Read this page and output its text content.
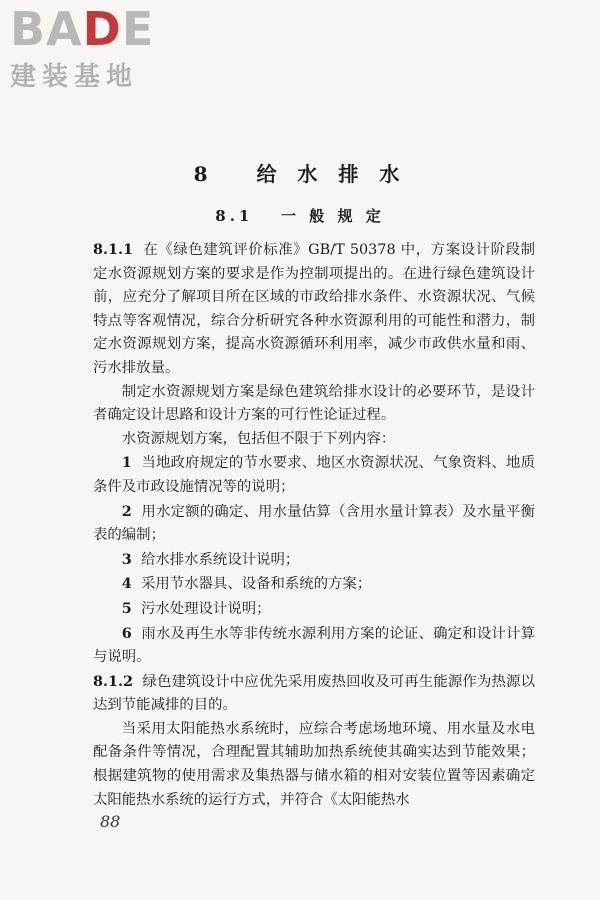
BADE
建装基地
8 给 水 排 水
8.1 一 般 规 定

8.1.1 在《绿色建筑评价标准》GB/T 50378 中，方案设计阶段制定水资源规划方案的要求是作为控制项提出的。在进行绿色建筑设计前，应充分了解项目所在区域的市政给排水条件、水资源状况、气候特点等客观情况，综合分析研究各种水资源利用的可能性和潜力，制定水资源规划方案，提高水资源循环利用率，减少市政供水量和雨、污水排放量。

制定水资源规划方案是绿色建筑给排水设计的必要环节，是设计者确定设计思路和设计方案的可行性论证过程。

水资源规划方案，包括但不限于下列内容：

1 当地政府规定的节水要求、地区水资源状况、气象资料、地质条件及市政设施情况等的说明；

2 用水定额的确定、用水量估算（含用水量计算表）及水量平衡表的编制；

3 给水排水系统设计说明；

4 采用节水器具、设备和系统的方案；

5 污水处理设计说明；

6 雨水及再生水等非传统水源利用方案的论证、确定和设计计算与说明。

8.1.2 绿色建筑设计中应优先采用废热回收及可再生能源作为热源以达到节能减排的目的。

当采用太阳能热水系统时，应综合考虑场地环境、用水量及水电配备条件等情况，合理配置其辅助加热系统使其确实达到节能效果；根据建筑物的使用需求及集热器与储水箱的相对安装位置等因素确定太阳能热水系统的运行方式，并符合《太阳能热水

88
